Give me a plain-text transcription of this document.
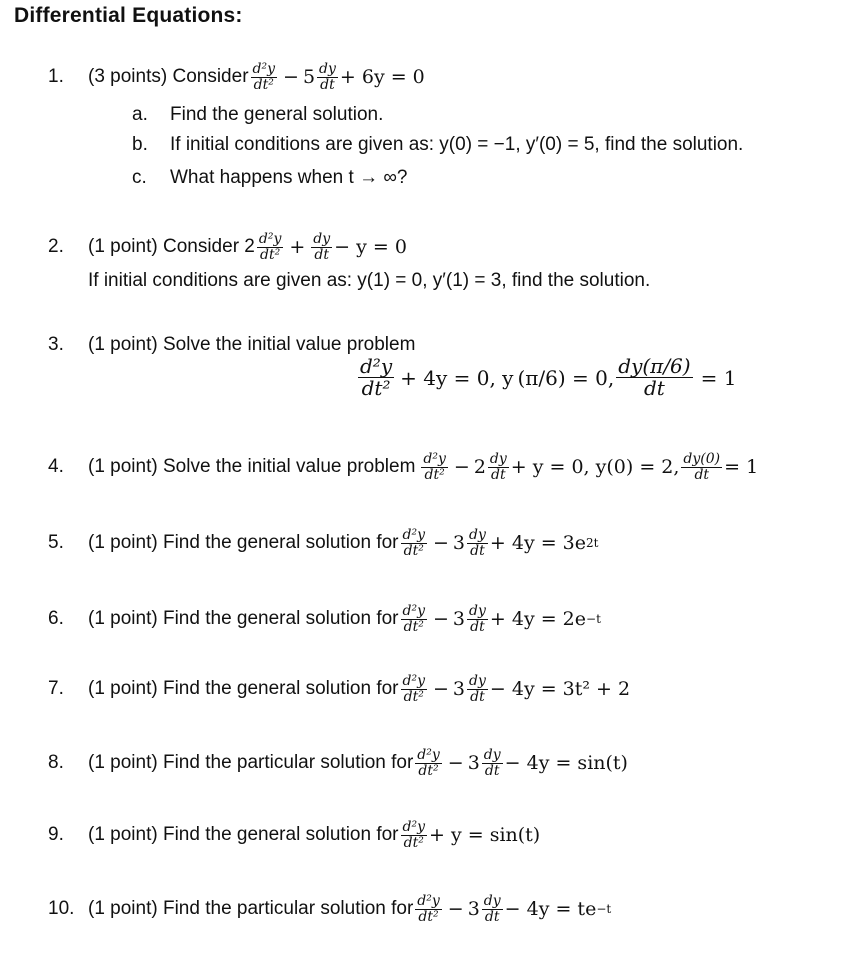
Differential Equations:
1.	(3 points) Consider $\frac{\text{d²y}}{\text{dt²}} - 5 \frac{dy}{dt} + 6y = 0$
a.	Find the general solution.
b.	If initial conditions are given as: y(0) = −1, y′(0) = 5, find the solution.
c.	What happens when t → ∞?
2.	(1 point) Consider $2 \frac{\text{d²y}}{\text{dt²}} + \frac{dy}{dt} - y = 0$
If initial conditions are given as: y(1) = 0, y′(1) = 3, find the solution.
3.	(1 point) Solve the initial value problem
$\frac{\text{d²y}}{\text{dt²}} + 4y = 0$, y (π/6) = 0, $\frac{dy(\pi/6)}{dt} = 1$
4.	(1 point) Solve the initial value problem $\frac{\text{d²y}}{\text{dt²}} - 2 \frac{dy}{dt} + y = 0$, y(0) = 2, $\frac{dy(0)}{dt} = 1$
5.	(1 point) Find the general solution for $\frac{\text{d²y}}{\text{dt²}} - 3 \frac{dy}{dt} + 4y = 3e$ 2t
6.	(1 point) Find the general solution for $\frac{\text{d²y}}{\text{dt²}} - 3 \frac{dy}{dt} + 4y = 2e -t$
7.	(1 point) Find the general solution for $\frac{\text{d²y}}{\text{dt²}} - 3 \frac{dy}{dt} - 4y = 3t^2 + 2$
8.	(1 point) Find the particular solution for $\frac{\text{d²y}}{\text{dt²}} - 3 \frac{dy}{dt} - 4y = \sin(t)$
9.	(1 point) Find the general solution for $\frac{\text{d²y}}{\text{dt²}} + y = \sin(t)$
10. (1 point) Find the particular solution for $\frac{\text{d²y}}{\text{dt²}} - 3 \frac{dy}{dt} - 4y$ = te −t
